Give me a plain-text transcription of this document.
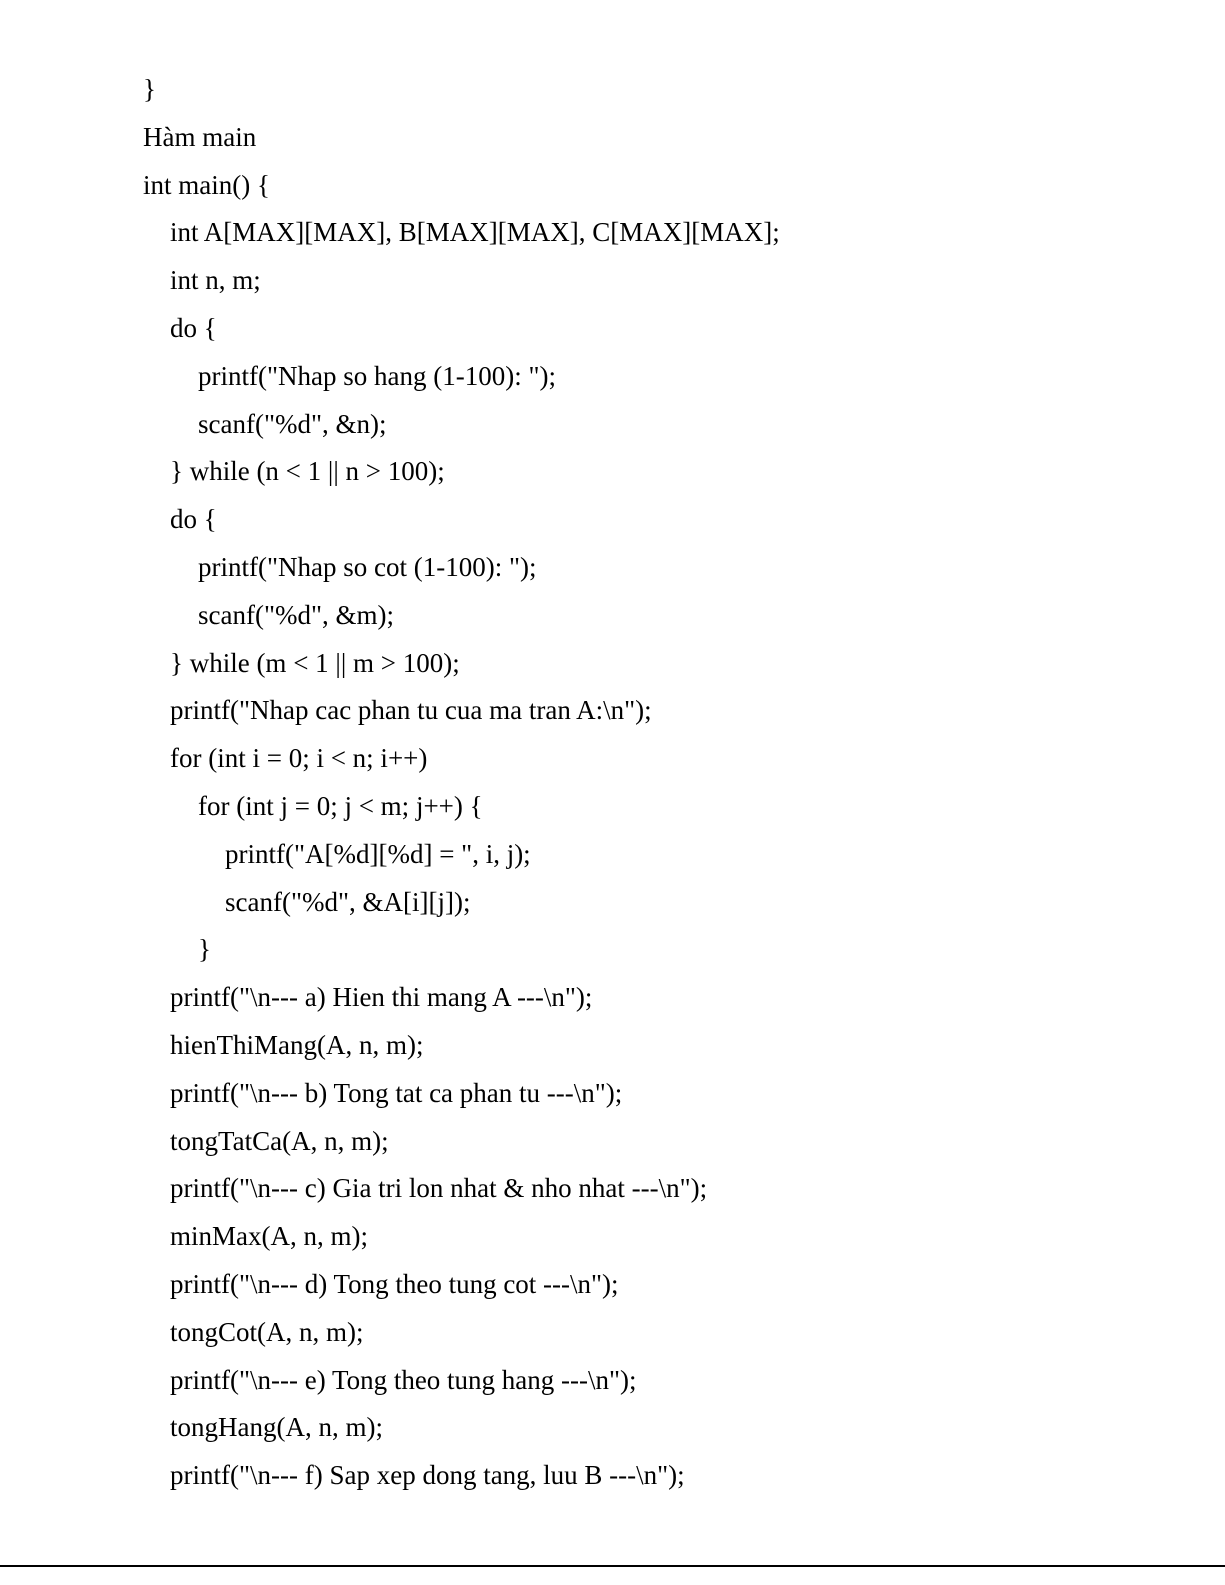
}
Hàm main
int main() {
int A[MAX][MAX], B[MAX][MAX], C[MAX][MAX];
int n, m;
do {
printf("Nhap so hang (1-100): ");
scanf("%d", &n);
} while (n < 1 || n > 100);
do {
printf("Nhap so cot (1-100): ");
scanf("%d", &m);
} while (m < 1 || m > 100);
printf("Nhap cac phan tu cua ma tran A:\n");
for (int i = 0; i < n; i++)
for (int j = 0; j < m; j++) {
printf("A[%d][%d] = ", i, j);
scanf("%d", &A[i][j]);
}
printf("\n--- a) Hien thi mang A ---\n");
hienThiMang(A, n, m);
printf("\n--- b) Tong tat ca phan tu ---\n");
tongTatCa(A, n, m);
printf("\n--- c) Gia tri lon nhat & nho nhat ---\n");
minMax(A, n, m);
printf("\n--- d) Tong theo tung cot ---\n");
tongCot(A, n, m);
printf("\n--- e) Tong theo tung hang ---\n");
tongHang(A, n, m);
printf("\n--- f) Sap xep dong tang, luu B ---\n");
